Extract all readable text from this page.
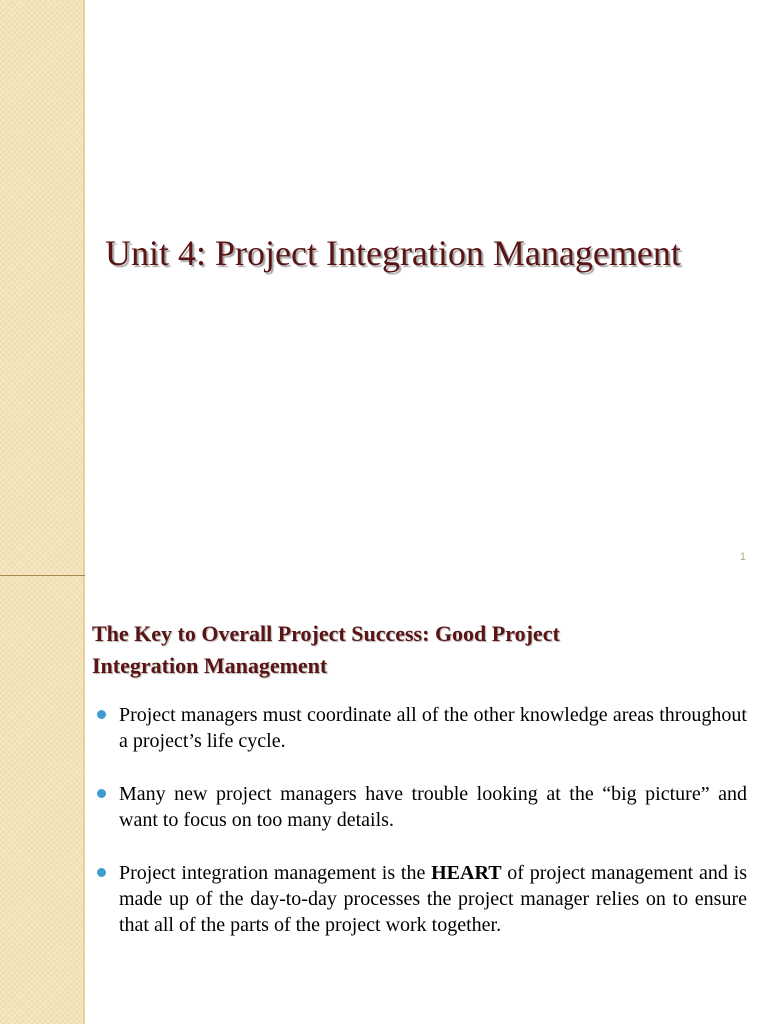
Unit 4: Project Integration Management
1
The Key to Overall Project Success: Good Project
Integration Management
Project managers must coordinate all of the other knowledge areas throughout a project’s life cycle.
Many new project managers have trouble looking at the “big picture” and want to focus on too many details.
Project integration management is the HEART of project management and is made up of the day-to-day processes the project manager relies on to ensure that all of the parts of the project work together.
